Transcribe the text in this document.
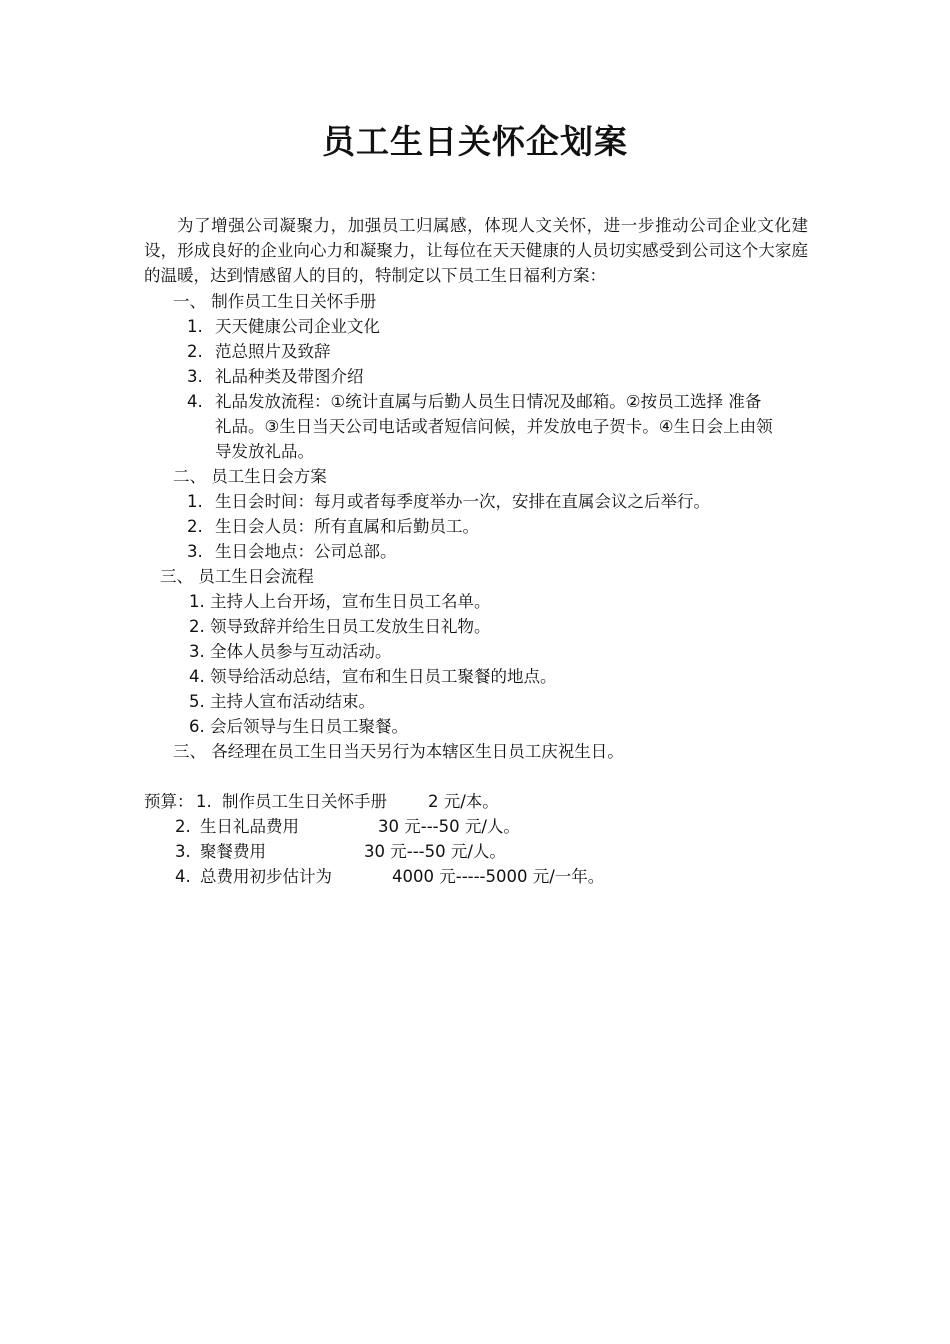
员工生日关怀企划案
为了增强公司凝聚力，加强员工归属感，体现人文关怀，进一步推动公司企业文化建设，形成良好的企业向心力和凝聚力，让每位在天天健康的人员切实感受到公司这个大家庭的温暖，达到情感留人的目的，特制定以下员工生日福利方案：
一、 制作员工生日关怀手册
1. 天天健康公司企业文化
2. 范总照片及致辞
3. 礼品种类及带图介绍
4. 礼品发放流程：①统计直属与后勤人员生日情况及邮箱。②按员工选择 准备
礼品。③生日当天公司电话或者短信问候，并发放电子贺卡。④生日会上由领
导发放礼品。
二、 员工生日会方案
1. 生日会时间：每月或者每季度举办一次，安排在直属会议之后举行。
2. 生日会人员：所有直属和后勤员工。
3. 生日会地点：公司总部。
三、 员工生日会流程
1. 主持人上台开场，宣布生日员工名单。
2. 领导致辞并给生日员工发放生日礼物。
3. 全体人员参与互动活动。
4. 领导给活动总结，宣布和生日员工聚餐的地点。
5. 主持人宣布活动结束。
6. 会后领导与生日员工聚餐。
三、 各经理在员工生日当天另行为本辖区生日员工庆祝生日。
预算： 1. 制作员工生日关怀手册 2 元/本。
2. 生日礼品费用	30 元---50 元/人。
3. 聚餐费用	30 元---50 元/人。
4. 总费用初步估计为	4000 元-----5000 元/一年。
